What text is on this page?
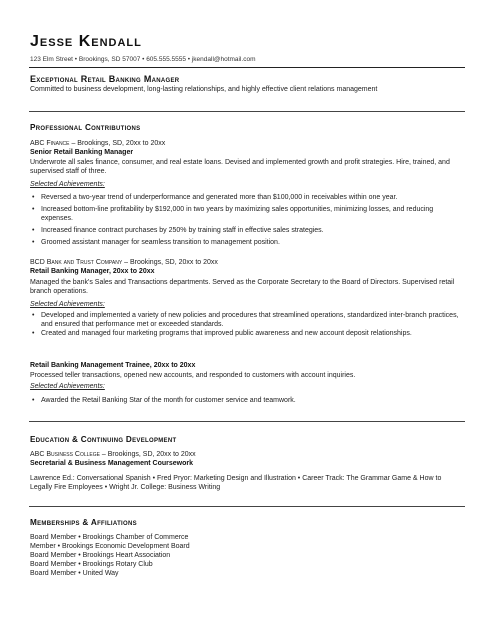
Jesse Kendall
123 Elm Street • Brookings, SD 57007 • 605.555.5555 • jkendall@hotmail.com
Exceptional Retail Banking Manager
Committed to business development, long-lasting relationships, and highly effective client relations management
Professional Contributions
ABC Finance – Brookings, SD, 20xx to 20xx
Senior Retail Banking Manager
Underwrote all sales finance, consumer, and real estate loans. Devised and implemented growth and profit strategies. Hire, trained, and supervised staff of three.
Selected Achievements:
• Reversed a two-year trend of underperformance and generated more than $100,000 in receivables within one year.
• Increased bottom-line profitability by $192,000 in two years by maximizing sales opportunities, minimizing losses, and reducing expenses.
• Increased finance contract purchases by 250% by training staff in effective sales strategies.
• Groomed assistant manager for seamless transition to management position.
BCD Bank and Trust Company – Brookings, SD, 20xx to 20xx
Retail Banking Manager, 20xx to 20xx
Managed the bank's Sales and Transactions departments. Served as the Corporate Secretary to the Board of Directors. Supervised retail branch operations.
Selected Achievements:
• Developed and implemented a variety of new policies and procedures that streamlined operations, standardized inter-branch practices, and ensured that performance met or exceeded standards.
• Created and managed four marketing programs that improved public awareness and new account deposit relationships.
Retail Banking Management Trainee, 20xx to 20xx
Processed teller transactions, opened new accounts, and responded to customers with account inquiries.
Selected Achievements:
• Awarded the Retail Banking Star of the month for customer service and teamwork.
Education & Continuing Development
ABC Business College – Brookings, SD, 20xx to 20xx
Secretarial & Business Management Coursework
Lawrence Ed.: Conversational Spanish • Fred Pryor: Marketing Design and Illustration • Career Track: The Grammar Game & How to Legally Fire Employees • Wright Jr. College: Business Writing
Memberships & Affiliations
Board Member • Brookings Chamber of Commerce
Member • Brookings Economic Development Board
Board Member • Brookings Heart Association
Board Member • Brookings Rotary Club
Board Member • United Way
